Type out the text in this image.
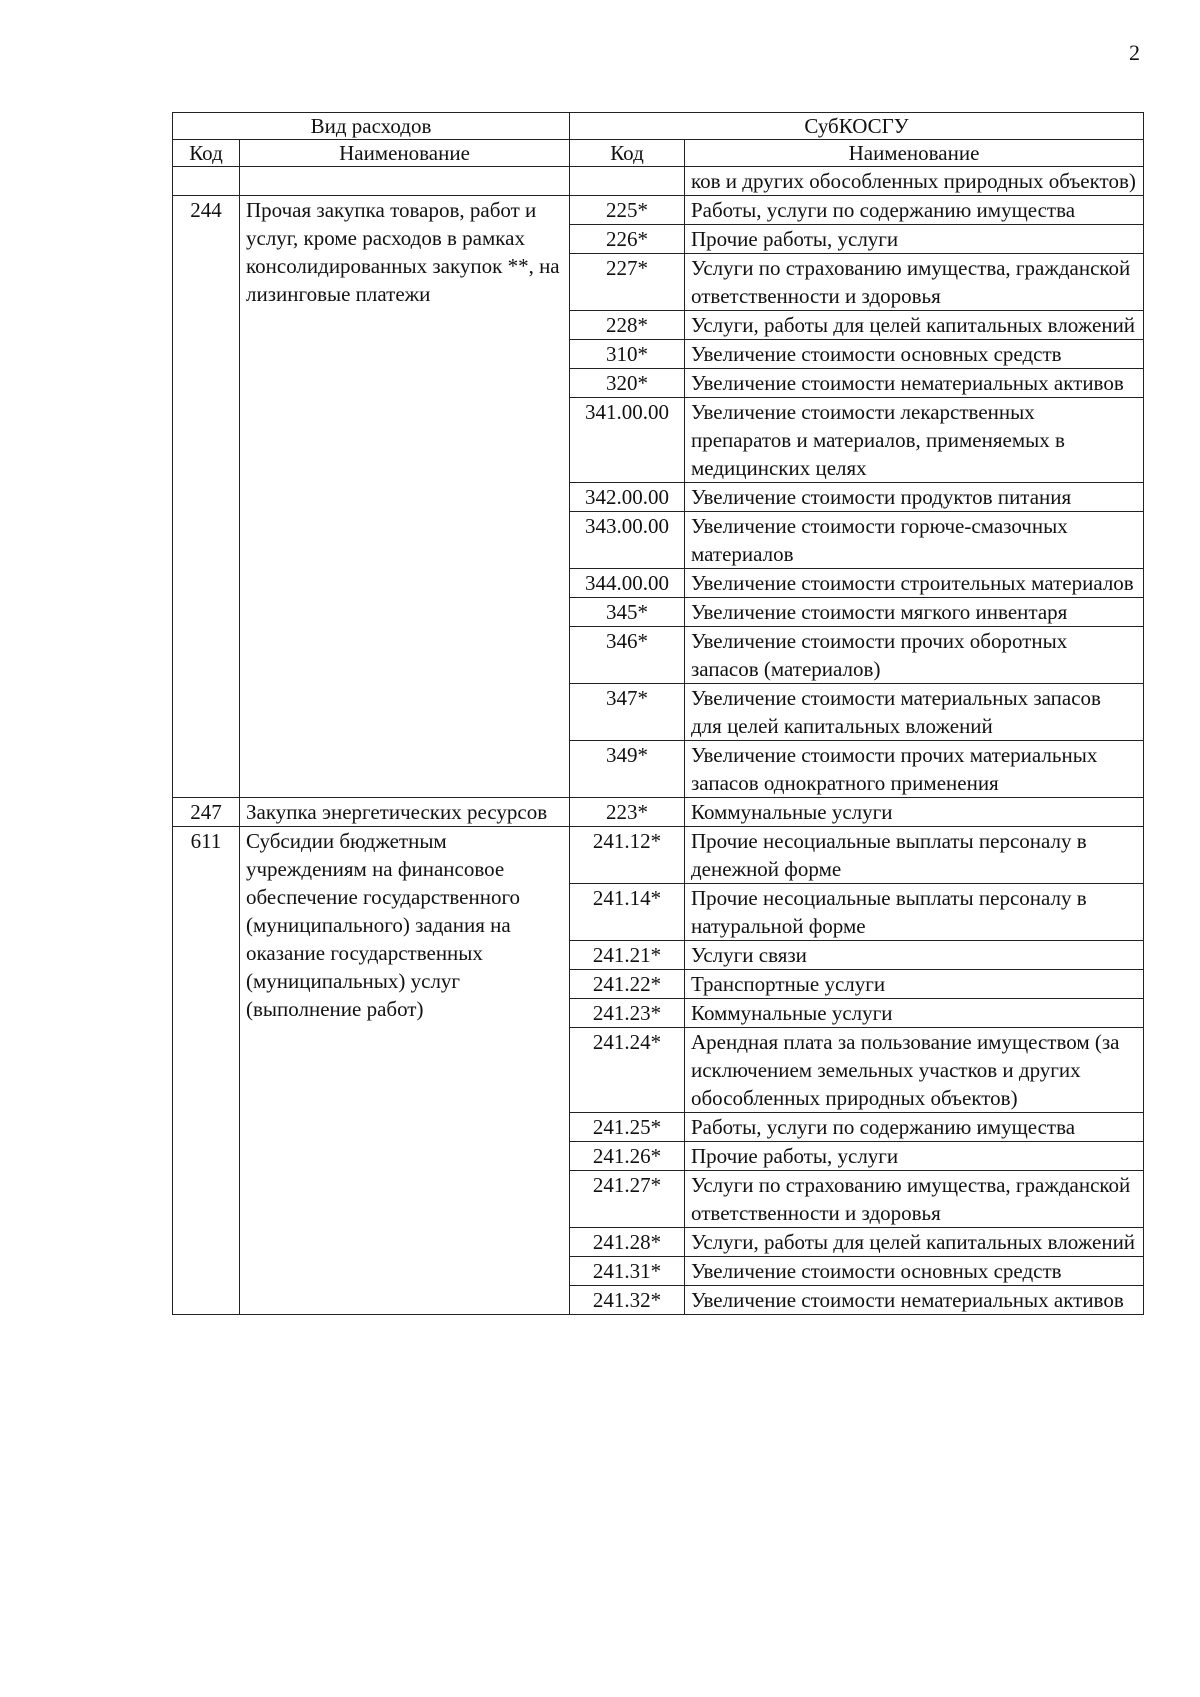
2
Вид расходов		СубКОСГУ	
Код	Наименование	Код	Наименование
			ков и других обособленных природных объектов)
244	Прочая закупка товаров, работ и услуг, кроме расходов в рамках консолидированных закупок **, на лизинговые платежи	225*	Работы, услуги по содержанию имущества
		226*	Прочие работы, услуги
		227*	Услуги по страхованию имущества, гражданской ответственности и здоровья
		228*	Услуги, работы для целей капитальных вложений
		310*	Увеличение стоимости основных средств
		320*	Увеличение стоимости нематериальных активов
		341.00.00	Увеличение стоимости лекарственных препаратов и материалов, применяемых в медицинских целях
		342.00.00	Увеличение стоимости продуктов питания
		343.00.00	Увеличение стоимости горюче-смазочных материалов
		344.00.00	Увеличение стоимости строительных материалов
		345*	Увеличение стоимости мягкого инвентаря
		346*	Увеличение стоимости прочих оборотных запасов (материалов)
		347*	Увеличение стоимости материальных запасов для целей капитальных вложений
		349*	Увеличение стоимости прочих материальных запасов однократного применения
247	Закупка энергетических ресурсов	223*	Коммунальные услуги
611	Субсидии бюджетным учреждениям на финансовое обеспечение государственного (муниципального) задания на оказание государственных (муниципальных) услуг (выполнение работ)	241.12*	Прочие несоциальные выплаты персоналу в денежной форме
		241.14*	Прочие несоциальные выплаты персоналу в натуральной форме
		241.21*	Услуги связи
		241.22*	Транспортные услуги
		241.23*	Коммунальные услуги
		241.24*	Арендная плата за пользование имуществом (за исключением земельных участков и других обособленных природных объектов)
		241.25*	Работы, услуги по содержанию имущества
		241.26*	Прочие работы, услуги
		241.27*	Услуги по страхованию имущества, гражданской ответственности и здоровья
		241.28*	Услуги, работы для целей капитальных вложений
		241.31*	Увеличение стоимости основных средств
		241.32*	Увеличение стоимости нематериальных активов
